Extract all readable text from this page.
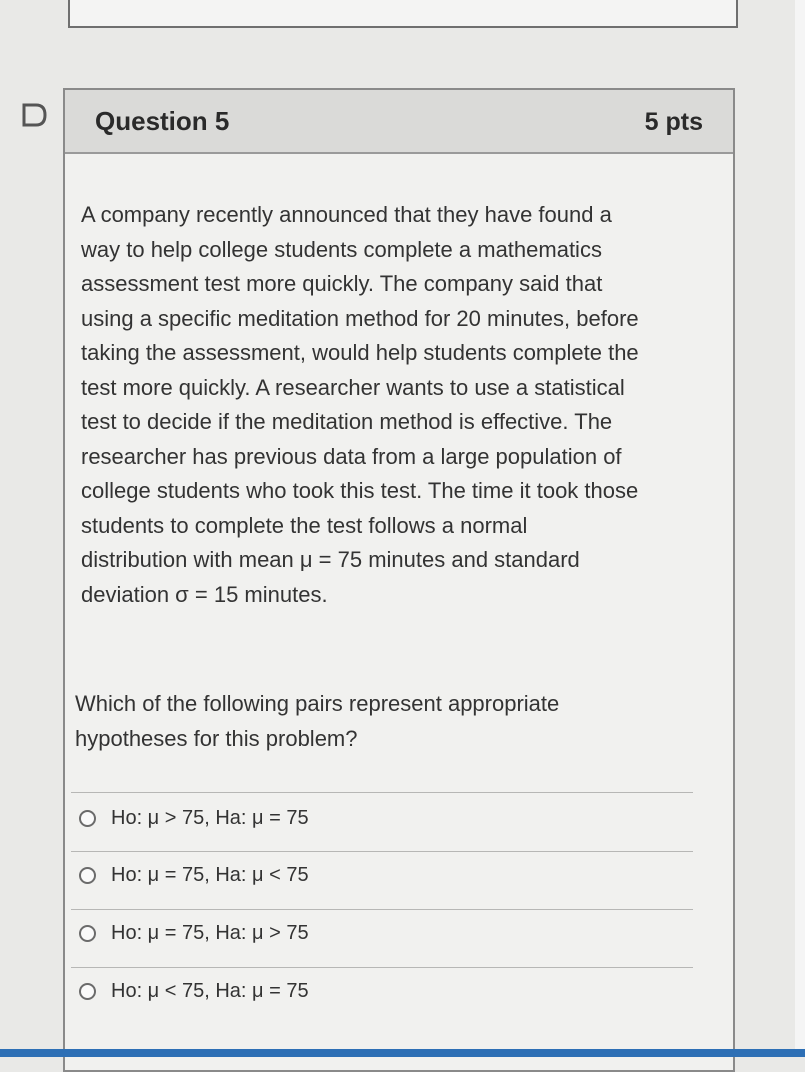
Question 5	5 pts

A company recently announced that they have found a

way to help college students complete a mathematics

assessment test more quickly. The company said that

using a specific meditation method for 20 minutes, before

taking the assessment, would help students complete the

test more quickly. A researcher wants to use a statistical

test to decide if the meditation method is effective. The

researcher has previous data from a large population of

college students who took this test. The time it took those

students to complete the test follows a normal

distribution with mean μ = 75 minutes and standard

deviation σ = 15 minutes.

Which of the following pairs represent appropriate
hypotheses for this problem?
Ho: μ > 75, Ha: μ = 75
Ho: μ = 75, Ha: μ < 75
Ho: μ = 75, Ha: μ > 75
Ho: μ < 75, Ha: μ = 75
